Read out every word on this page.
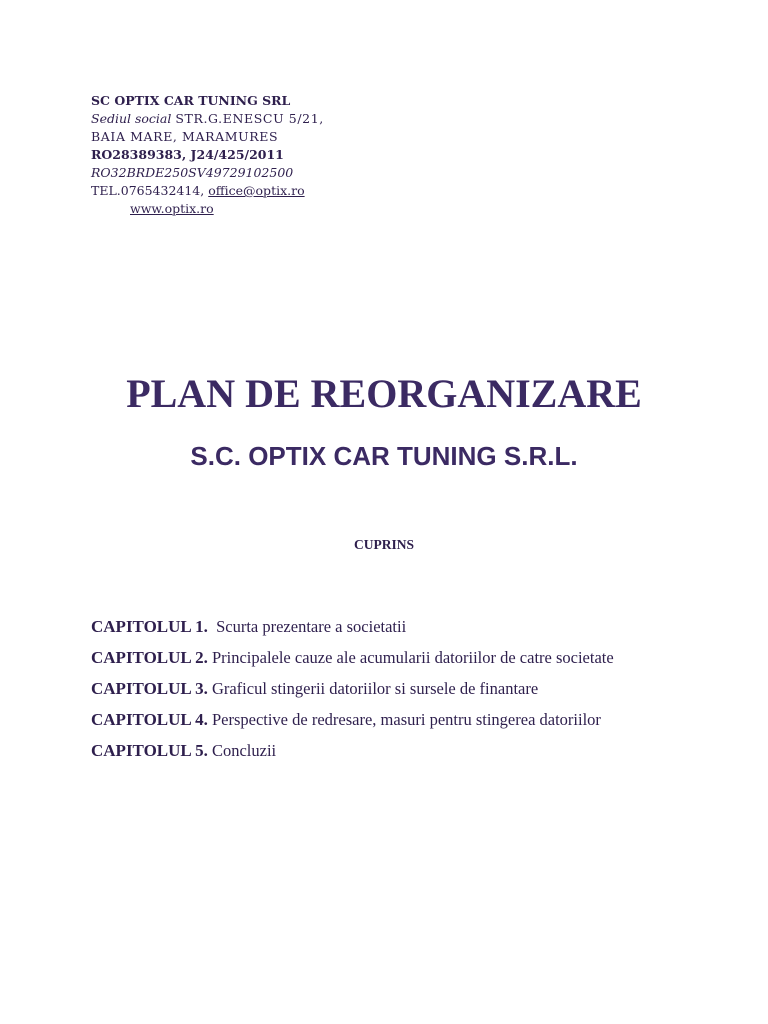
SC OPTIX CAR TUNING SRL
Sediul social STR.G.ENESCU 5/21,
BAIA MARE, MARAMURES
RO28389383, J24/425/2011
RO32BRDE250SV49729102500
TEL.0765432414, office@optix.ro
www.optix.ro
PLAN DE REORGANIZARE
S.C. OPTIX CAR TUNING S.R.L.
CUPRINS
CAPITOLUL 1. Scurta prezentare a societatii
CAPITOLUL 2. Principalele cauze ale acumularii datoriilor de catre societate
CAPITOLUL 3. Graficul stingerii datoriilor si sursele de finantare
CAPITOLUL 4. Perspective de redresare, masuri pentru stingerea datoriilor
CAPITOLUL 5. Concluzii
